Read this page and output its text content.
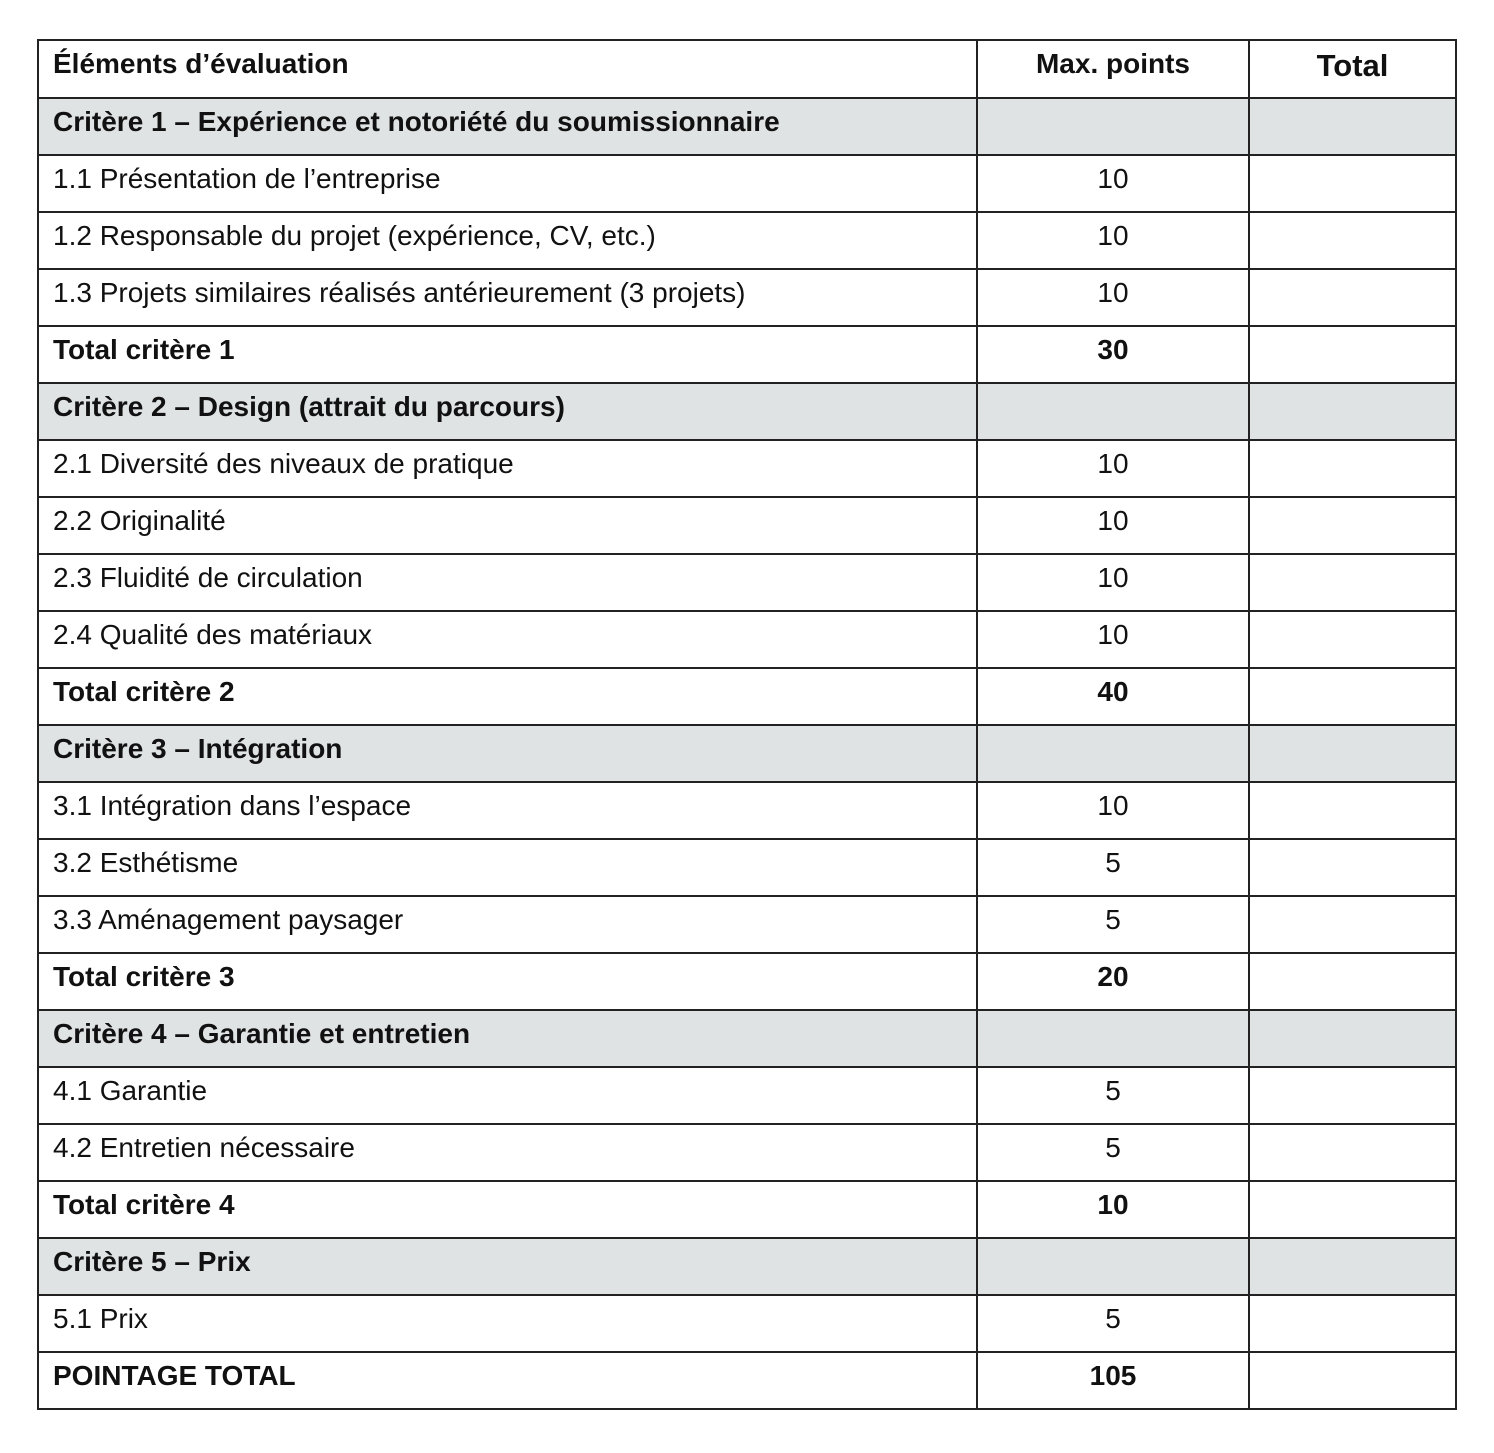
Éléments d’évaluation	Max. points	Total
Critère 1 – Expérience et notoriété du soumissionnaire		
1.1 Présentation de l’entreprise	10	
1.2 Responsable du projet (expérience, CV, etc.)	10	
1.3 Projets similaires réalisés antérieurement (3 projets)	10	
Total critère 1	30	
Critère 2 – Design (attrait du parcours)		
2.1 Diversité des niveaux de pratique	10	
2.2 Originalité	10	
2.3 Fluidité de circulation	10	
2.4 Qualité des matériaux	10	
Total critère 2	40	
Critère 3 – Intégration		
3.1 Intégration dans l’espace	10	
3.2 Esthétisme	5	
3.3 Aménagement paysager	5	
Total critère 3	20	
Critère 4 – Garantie et entretien		
4.1 Garantie	5	
4.2 Entretien nécessaire	5	
Total critère 4	10	
Critère 5 – Prix		
5.1 Prix	5	
POINTAGE TOTAL	105	
